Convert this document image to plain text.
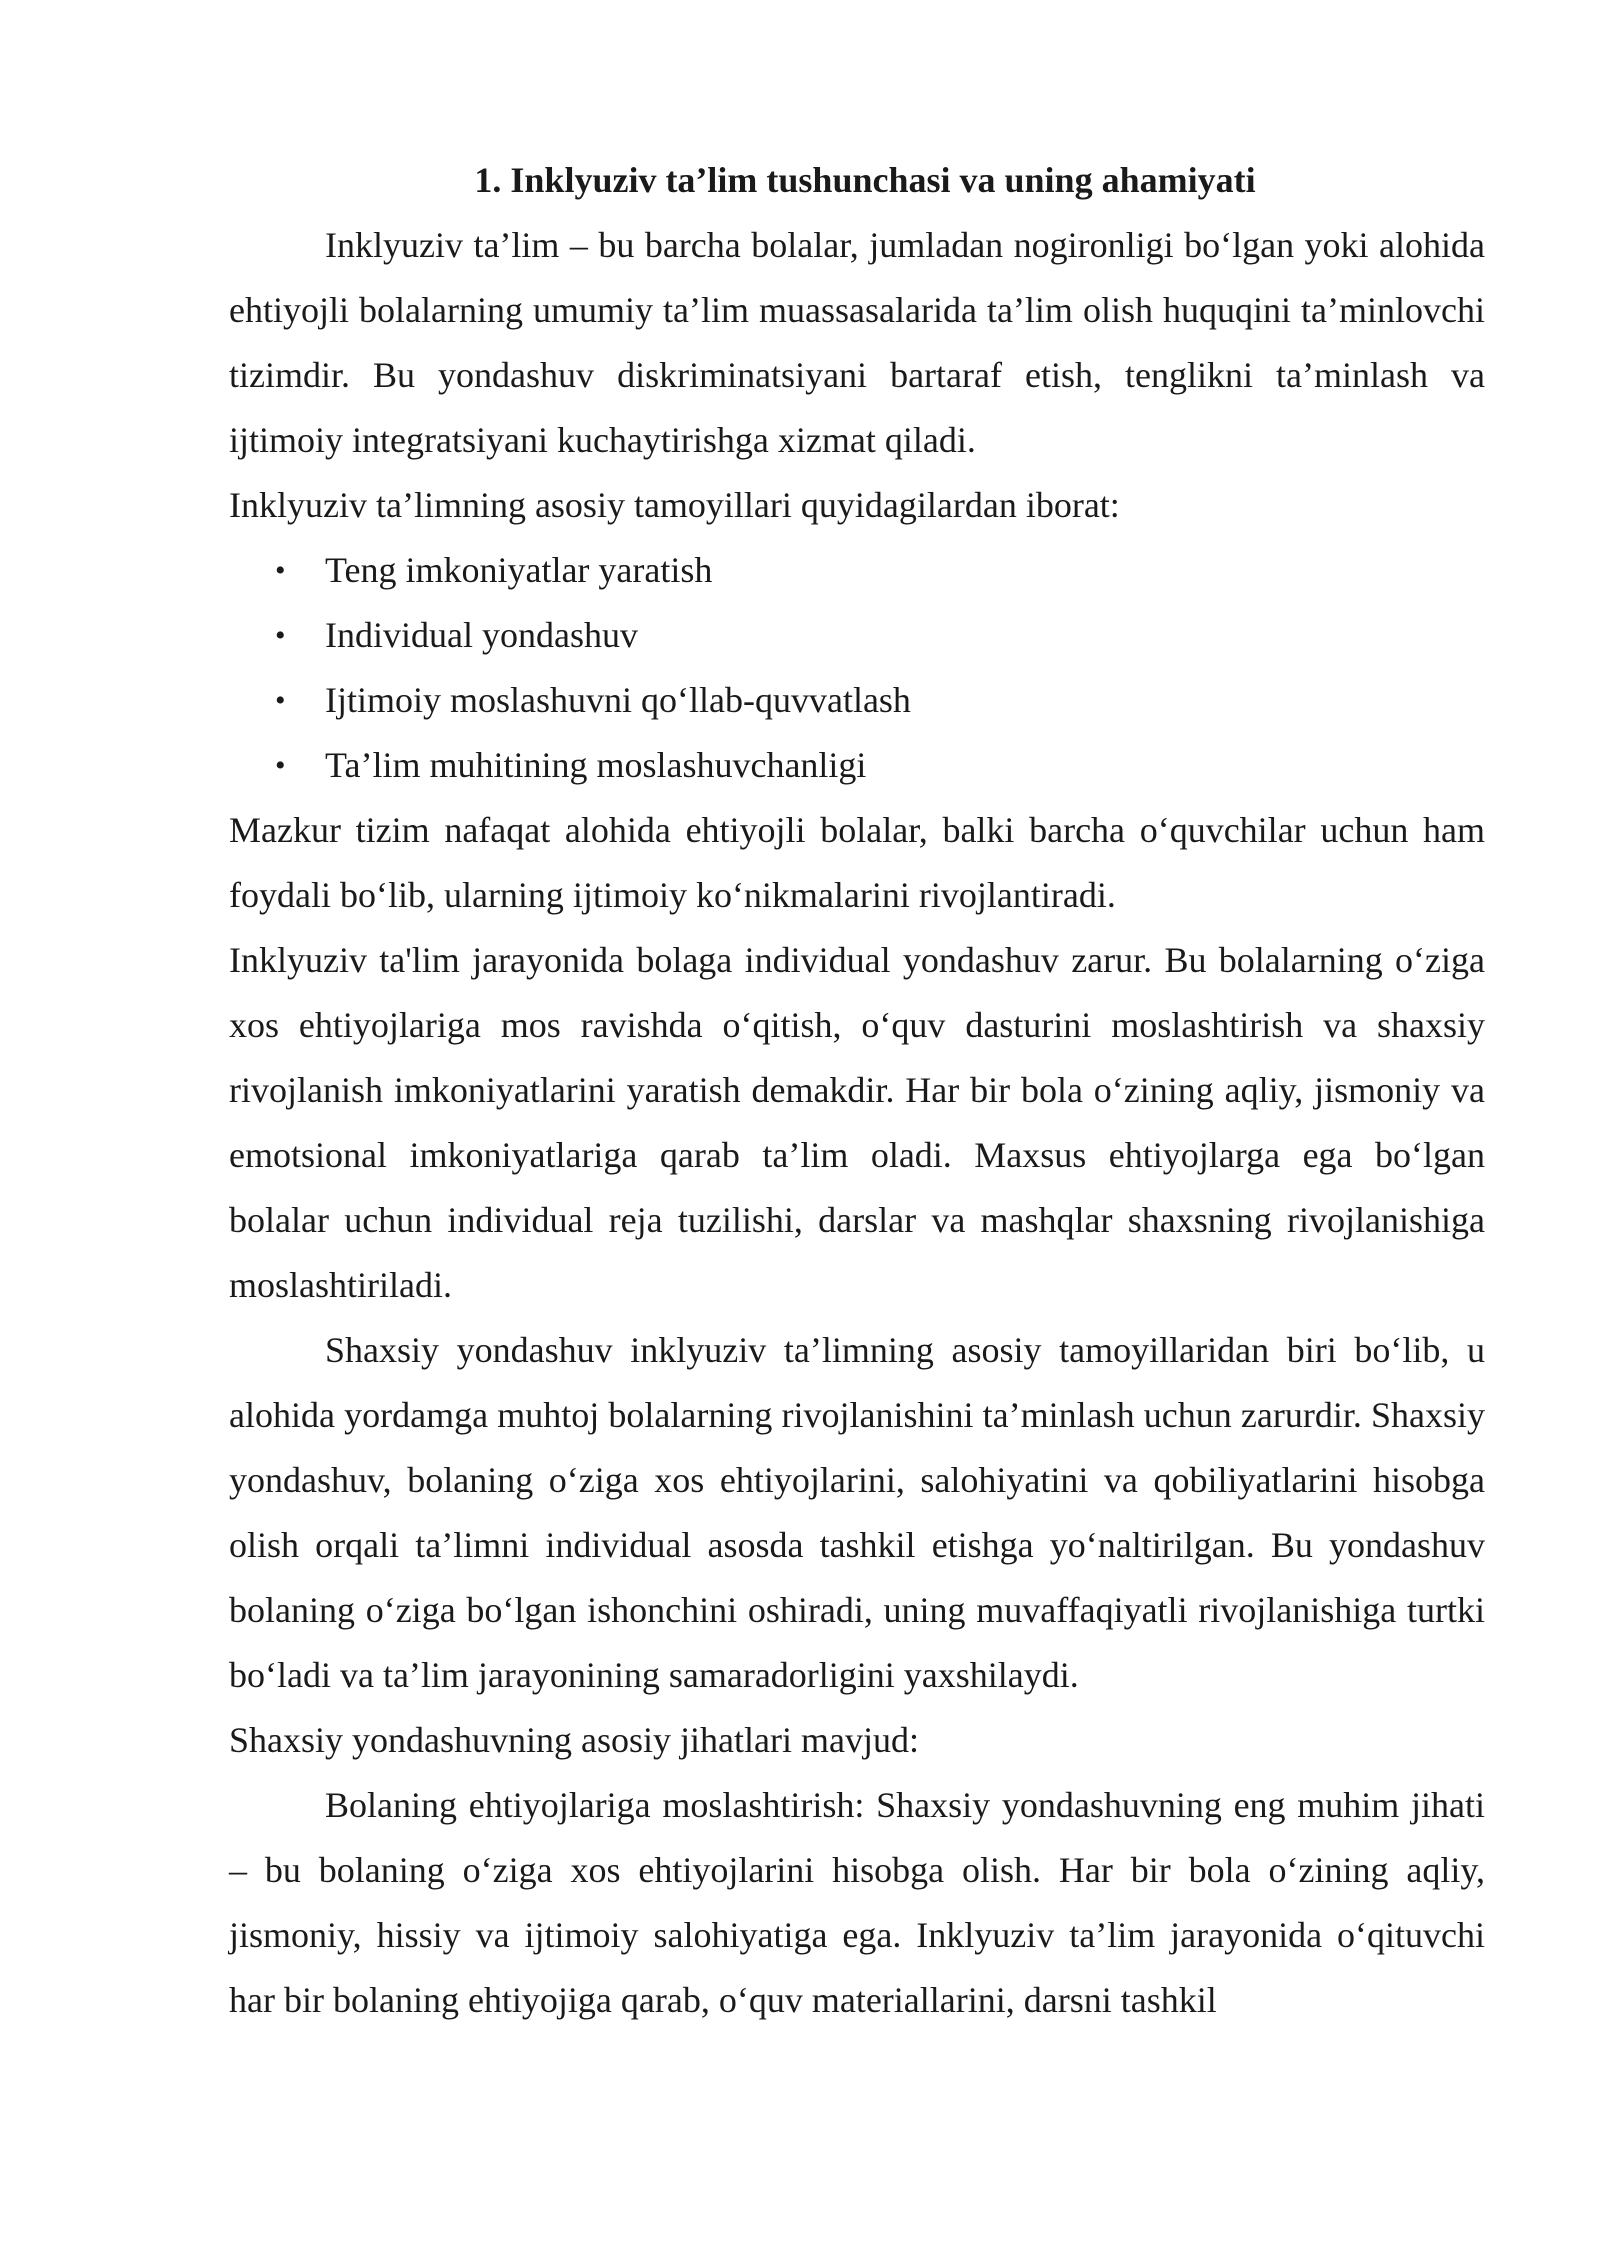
1. Inklyuziv ta’lim tushunchasi va uning ahamiyati

Inklyuziv ta’lim – bu barcha bolalar, jumladan nogironligi bo‘lgan yoki alohida ehtiyojli bolalarning umumiy ta’lim muassasalarida ta’lim olish huquqini ta’minlovchi tizimdir. Bu yondashuv diskriminatsiyani bartaraf etish, tenglikni ta’minlash va ijtimoiy integratsiyani kuchaytirishga xizmat qiladi.

Inklyuziv ta’limning asosiy tamoyillari quyidagilardan iborat:

• Teng imkoniyatlar yaratish
• Individual yondashuv
• Ijtimoiy moslashuvni qo‘llab-quvvatlash
• Ta’lim muhitining moslashuvchanligi

Mazkur tizim nafaqat alohida ehtiyojli bolalar, balki barcha o‘quvchilar uchun ham foydali bo‘lib, ularning ijtimoiy ko‘nikmalarini rivojlantiradi.

Inklyuziv ta'lim jarayonida bolaga individual yondashuv zarur. Bu bolalarning o‘ziga xos ehtiyojlariga mos ravishda o‘qitish, o‘quv dasturini moslashtirish va shaxsiy rivojlanish imkoniyatlarini yaratish demakdir. Har bir bola o‘zining aqliy, jismoniy va emotsional imkoniyatlariga qarab ta’lim oladi. Maxsus ehtiyojlarga ega bo‘lgan bolalar uchun individual reja tuzilishi, darslar va mashqlar shaxsning rivojlanishiga moslashtiriladi.

Shaxsiy yondashuv inklyuziv ta’limning asosiy tamoyillaridan biri bo‘lib, u alohida yordamga muhtoj bolalarning rivojlanishini ta’minlash uchun zarurdir. Shaxsiy yondashuv, bolaning o‘ziga xos ehtiyojlarini, salohiyatini va qobiliyatlarini hisobga olish orqali ta’limni individual asosda tashkil etishga yo‘naltirilgan. Bu yondashuv bolaning o‘ziga bo‘lgan ishonchini oshiradi, uning muvaffaqiyatli rivojlanishiga turtki bo‘ladi va ta’lim jarayonining samaradorligini yaxshilaydi.

Shaxsiy yondashuvning asosiy jihatlari mavjud:

Bolaning ehtiyojlariga moslashtirish: Shaxsiy yondashuvning eng muhim jihati – bu bolaning o‘ziga xos ehtiyojlarini hisobga olish. Har bir bola o‘zining aqliy, jismoniy, hissiy va ijtimoiy salohiyatiga ega. Inklyuziv ta’lim jarayonida o‘qituvchi har bir bolaning ehtiyojiga qarab, o‘quv materiallarini, darsni tashkil
